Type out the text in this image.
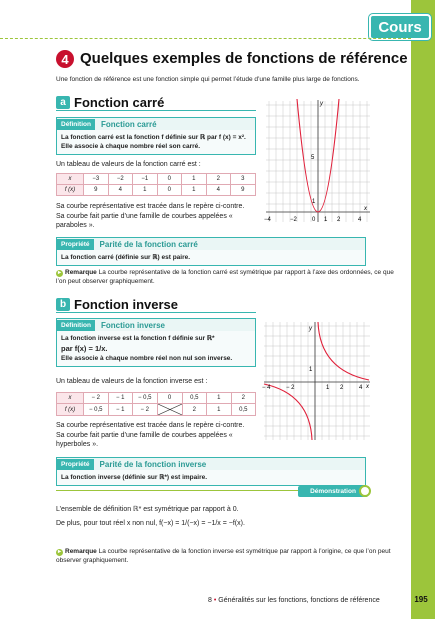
Cours
4 Quelques exemples de fonctions de référence
Une fonction de référence est une fonction simple qui permet l’étude d’une famille plus large de fonctions.
a Fonction carré
Définition	Fonction carré
La fonction carré est la fonction f définie sur ℝ par f (x) = x².
Elle associe à chaque nombre réel son carré.
Un tableau de valeurs de la fonction carré est :
x	−3	−2	−1	0	1	2	3
f (x)	9	4	1	0	1	4	9
Sa courbe représentative est tracée dans le repère ci-contre.
Sa courbe fait partie d’une famille de courbes appelées « paraboles ».
y
x
5
1
−4	−2	0 1 2	4
Propriété	Parité de la fonction carré
La fonction carré (définie sur ℝ) est paire.
▸ Remarque La courbe représentative de la fonction carré est symétrique par rapport à l’axe des ordonnées, ce que l’on peut observer graphiquement.
b Fonction inverse
Définition	Fonction inverse
La fonction inverse est la fonction f définie sur ℝ*
par f(x) = 1/x.
Elle associe à chaque nombre réel non nul son inverse.
Un tableau de valeurs de la fonction inverse est :
x	− 2	− 1	− 0,5	0	0,5	1	2
f (x)	− 0,5	− 1	− 2		2	1	0,5
Sa courbe représentative est tracée dans le repère ci-contre.
Sa courbe fait partie d’une famille de courbes appelées « hyperboles ».
y
x
1
− 4	− 2	1 2	4
Propriété	Parité de la fonction inverse
La fonction inverse (définie sur ℝ*) est impaire.
Démonstration
L’ensemble de définition ℝ* est symétrique par rapport à 0.
De plus, pour tout réel x non nul, f(−x) = 1/(−x) = −1/x = −f(x).
▸ Remarque La courbe représentative de la fonction inverse est symétrique par rapport à l’origine, ce que l’on peut observer graphiquement.
8 • Généralités sur les fonctions, fonctions de référence	195
